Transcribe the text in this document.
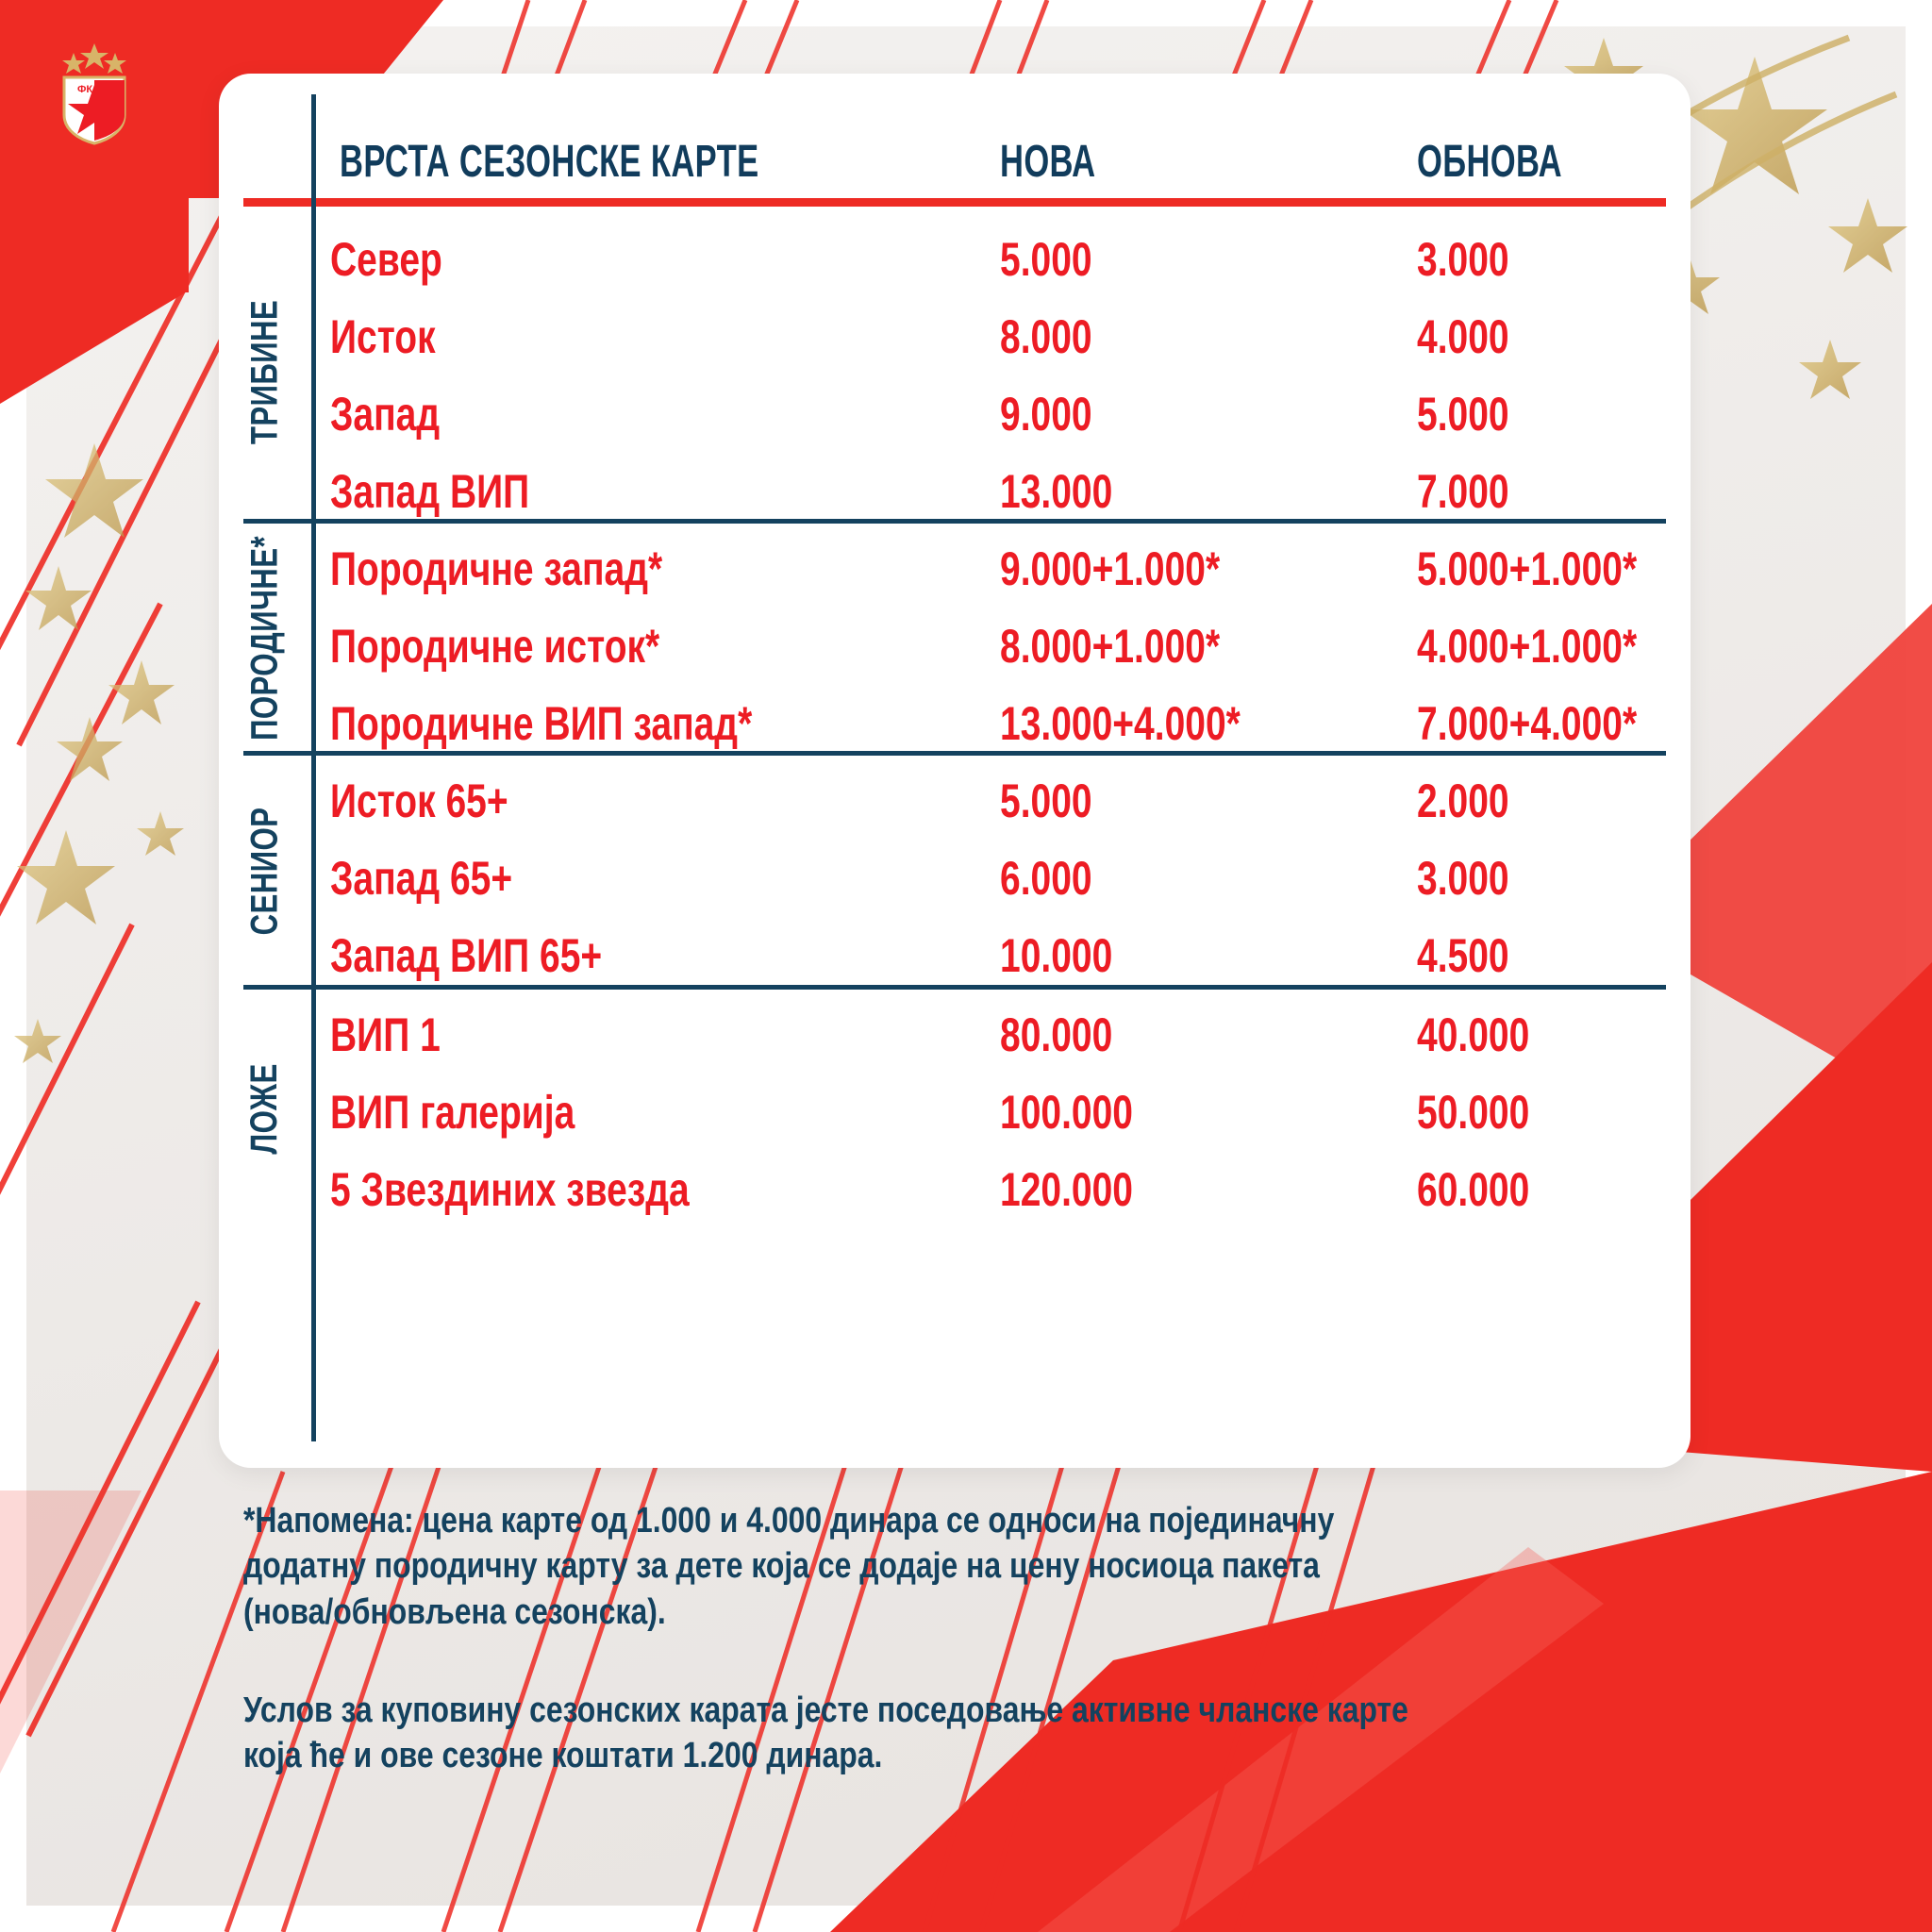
ФК
ВРСТА СЕЗОНСКЕ КАРТЕ	НОВА	ОБНОВА
ТРИБИНЕ
ПОРОДИЧНЕ*
СЕНИОР
ЛОЖЕ
Север	5.000	3.000
Исток	8.000	4.000
Запад	9.000	5.000
Запад ВИП	13.000	7.000
Породичне запад*	9.000+1.000*	5.000+1.000*
Породичне исток*	8.000+1.000*	4.000+1.000*
Породичне ВИП запад*	13.000+4.000*	7.000+4.000*
Исток 65+	5.000	2.000
Запад 65+	6.000	3.000
Запад ВИП 65+	10.000	4.500
ВИП 1	80.000	40.000
ВИП галерија	100.000	50.000
5 Звездиних звезда	120.000	60.000

*Напомена: цена карте од 1.000 и 4.000 динара се односи на појединачну

додатну породичну карту за дете која се додаје на цену носиоца пакета

(нова/обновљена сезонска).

Услов за куповину сезонских карата јесте поседовање активне чланске карте

која ће и ове сезоне коштати 1.200 динара.
